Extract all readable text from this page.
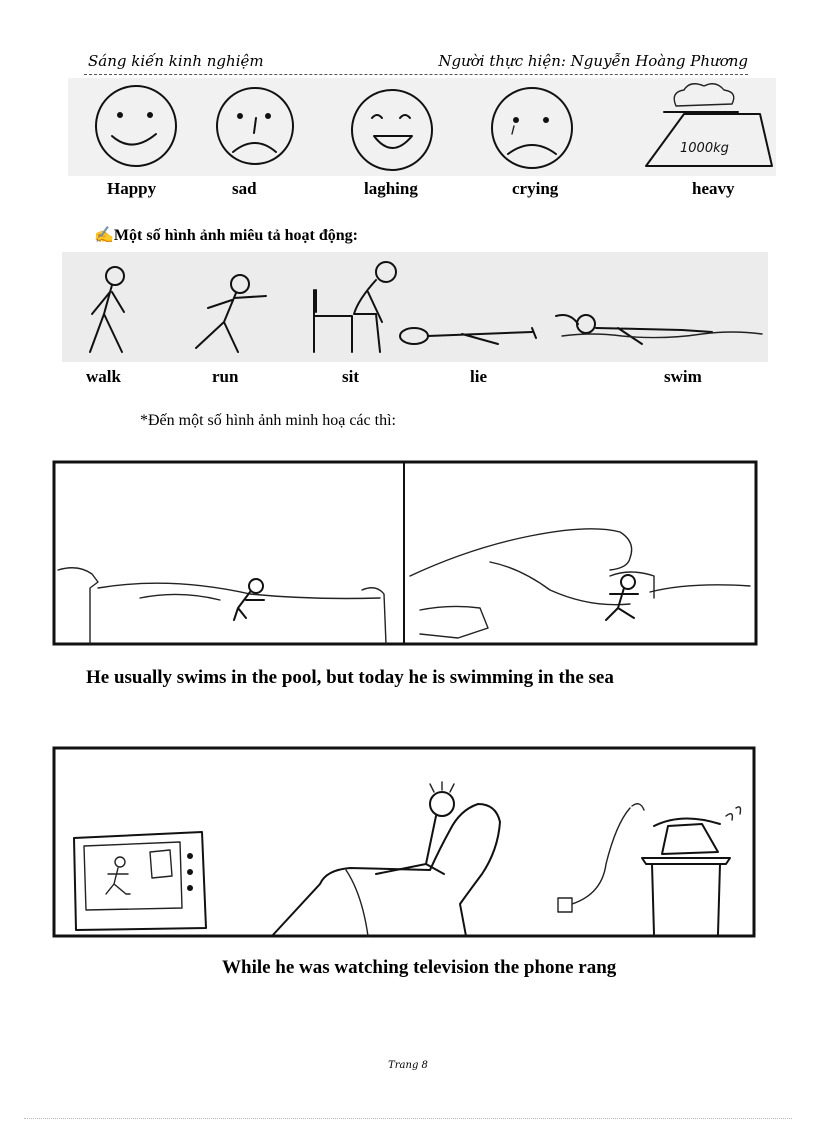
Sáng kiến kinh nghiệm	Người thực hiện: Nguyễn Hoàng Phương
1000kg
Happy	sad	laghing	crying	heavy
✍Một số hình ảnh miêu tả hoạt động:
walk	run	sit	lie	swim
*Đến một số hình ảnh minh hoạ các thì:
He usually swims in the pool, but today he is swimming in the sea
While he was watching television the phone rang
Trang 8
